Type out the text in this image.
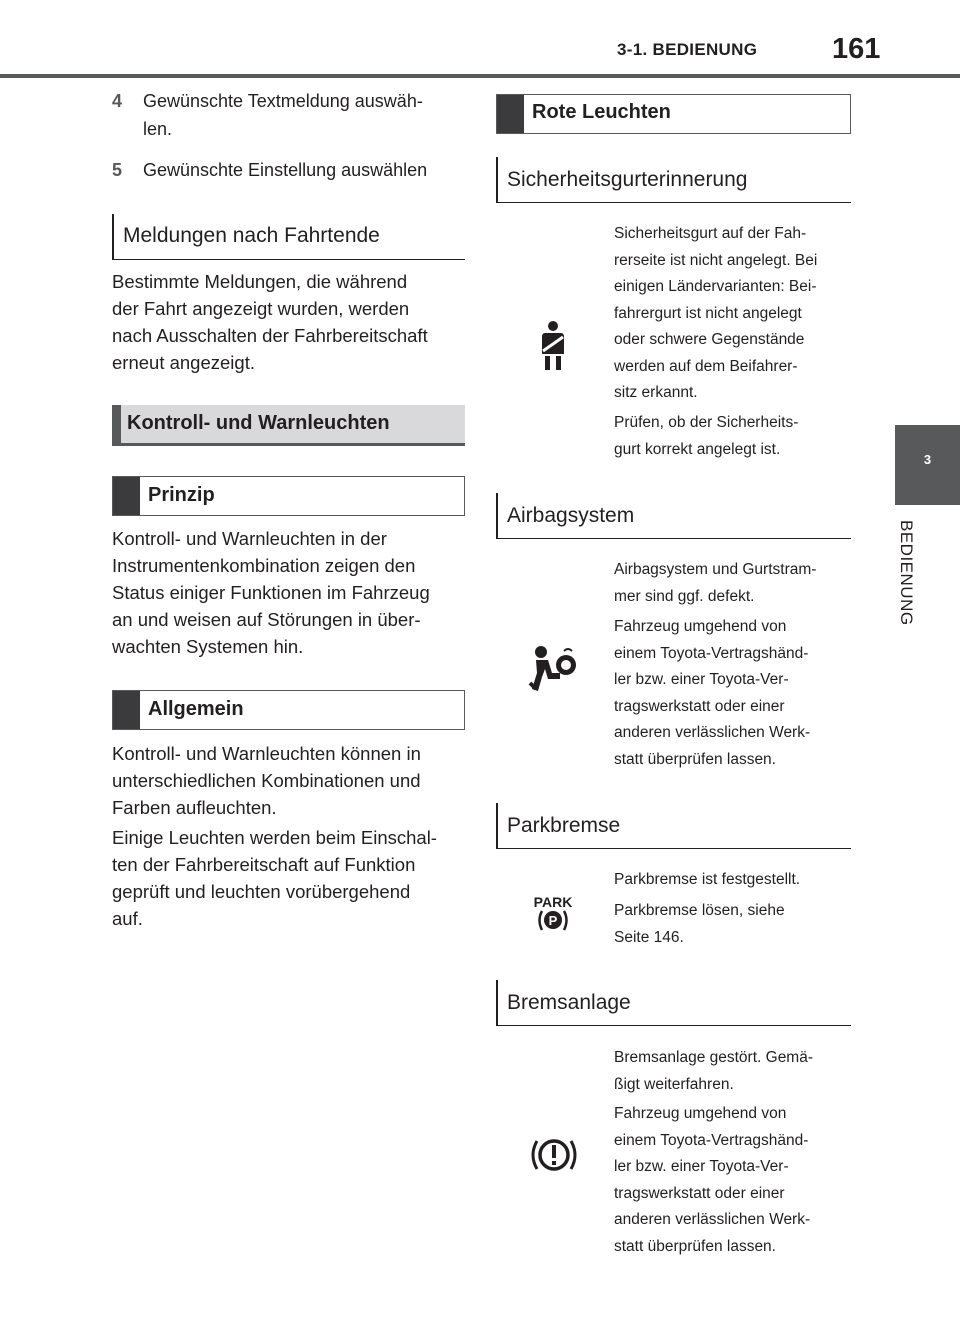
3-1. BEDIENUNG	161
3
BEDIENUNG
4 Gewünschte Textmeldung auswäh-
len.
5 Gewünschte Einstellung auswählen
Meldungen nach Fahrtende
Bestimmte Meldungen, die während
der Fahrt angezeigt wurden, werden
nach Ausschalten der Fahrbereitschaft
erneut angezeigt.
Kontroll- und Warnleuchten
Prinzip
Kontroll- und Warnleuchten in der
Instrumentenkombination zeigen den
Status einiger Funktionen im Fahrzeug
an und weisen auf Störungen in über-
wachten Systemen hin.
Allgemein
Kontroll- und Warnleuchten können in
unterschiedlichen Kombinationen und
Farben aufleuchten.
Einige Leuchten werden beim Einschal-
ten der Fahrbereitschaft auf Funktion
geprüft und leuchten vorübergehend
auf.
Rote Leuchten
Sicherheitsgurterinnerung
Sicherheitsgurt auf der Fah-
rerseite ist nicht angelegt. Bei
einigen Ländervarianten: Bei-
fahrergurt ist nicht angelegt
oder schwere Gegenstände
werden auf dem Beifahrer-
sitz erkannt.
Prüfen, ob der Sicherheits-
gurt korrekt angelegt ist.
Airbagsystem
Airbagsystem und Gurtstram-
mer sind ggf. defekt.
Fahrzeug umgehend von
einem Toyota-Vertragshänd-
ler bzw. einer Toyota-Ver-
tragswerkstatt oder einer
anderen verlässlichen Werk-
statt überprüfen lassen.
Parkbremse
PARK
P
Parkbremse ist festgestellt.
Parkbremse lösen, siehe
Seite 146.
Bremsanlage
Bremsanlage gestört. Gemä-
ßigt weiterfahren.
Fahrzeug umgehend von
einem Toyota-Vertragshänd-
ler bzw. einer Toyota-Ver-
tragswerkstatt oder einer
anderen verlässlichen Werk-
statt überprüfen lassen.
